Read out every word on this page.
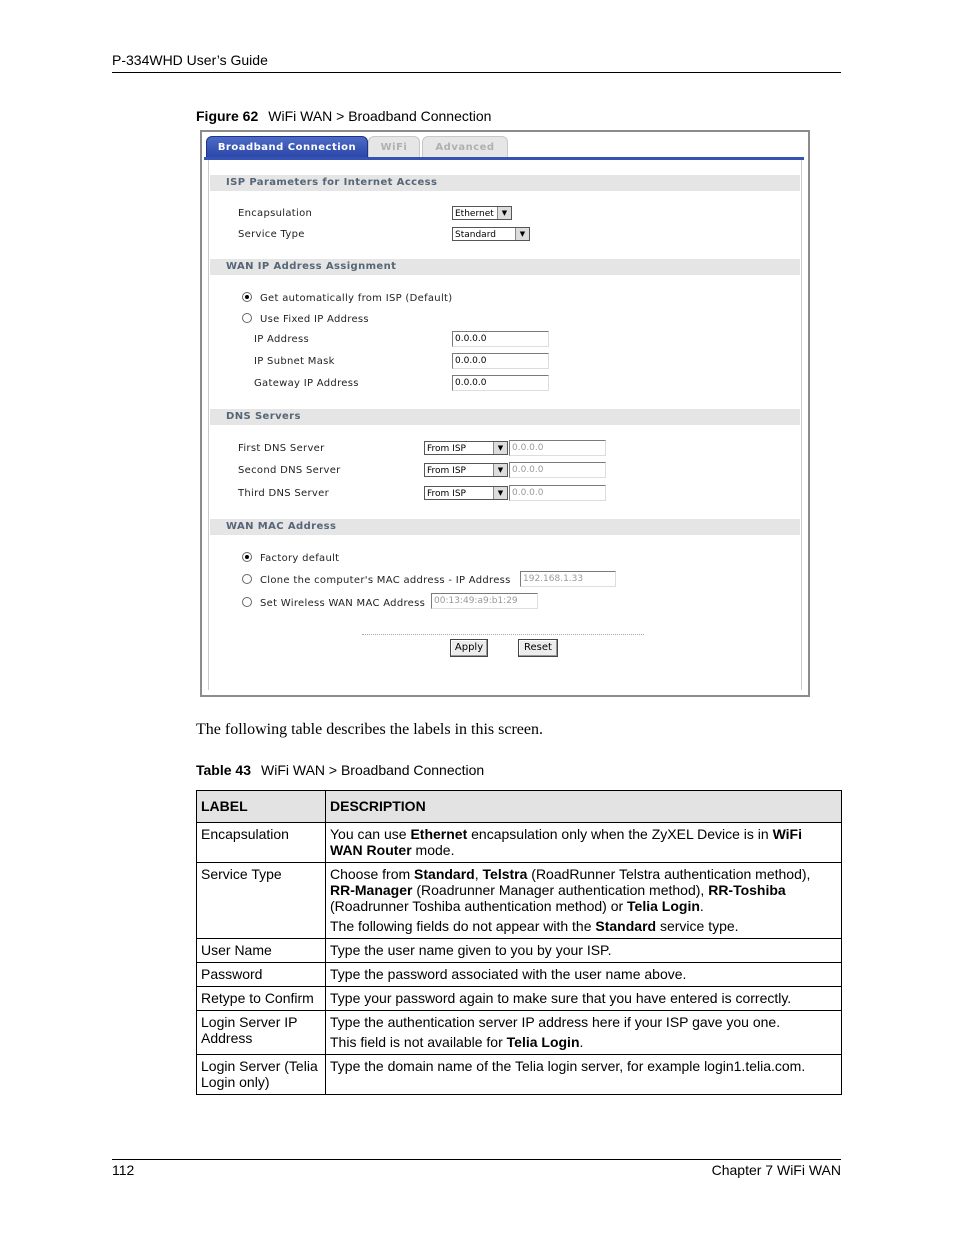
P-334WHD User’s Guide
Figure 62 WiFi WAN > Broadband Connection
Broadband Connection	WiFi	Advanced
ISP Parameters for Internet Access
Encapsulation	Ethernet	▼
Service Type	Standard	▼
WAN IP Address Assignment
Get automatically from ISP (Default)
Use Fixed IP Address
IP Address	0.0.0.0
IP Subnet Mask	0.0.0.0
Gateway IP Address	0.0.0.0
DNS Servers
First DNS Server	From ISP	▼ 0.0.0.0
Second DNS Server	From ISP	▼ 0.0.0.0
Third DNS Server	From ISP	▼ 0.0.0.0
WAN MAC Address
Factory default
Clone the computer's MAC address - IP Address	192.168.1.33
Set Wireless WAN MAC Address 00:13:49:a9:b1:29
Apply	Reset
The following table describes the labels in this screen.
Table 43 WiFi WAN > Broadband Connection
LABEL	DESCRIPTION
Encapsulation	You can use Ethernet encapsulation only when the ZyXEL Device is in WiFi WAN Router mode.
Service Type	Choose from Standard, Telstra (RoadRunner Telstra authentication method), RR-Manager (Roadrunner Manager authentication method), RR-Toshiba (Roadrunner Toshiba authentication method) or Telia Login.

The following fields do not appear with the Standard service type.

User Name	Type the user name given to you by your ISP.
Password	Type the password associated with the user name above.
Retype to Confirm	Type your password again to make sure that you have entered is correctly.
Login Server IP Address	Type the authentication server IP address here if your ISP gave you one.

This field is not available for Telia Login.

Login Server (Telia Login only)	Type the domain name of the Telia login server, for example login1.telia.com.
112	Chapter 7 WiFi WAN
